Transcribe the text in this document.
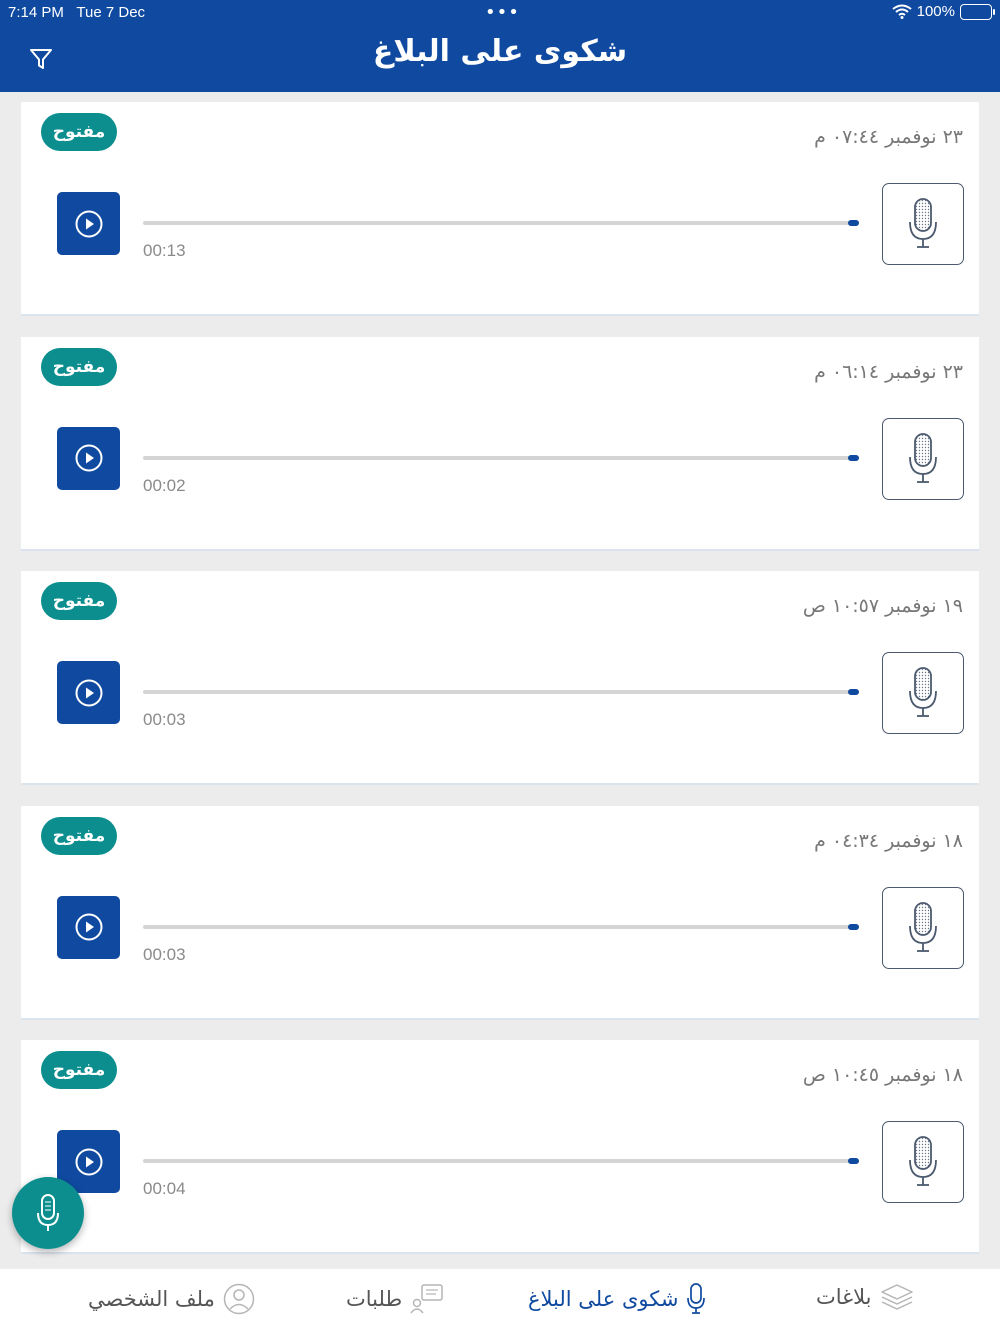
7:14 PM Tue 7 Dec	•••	100%
شكوى على البلاغ
مفتوح	٢٣ نوفمبر ٠٧:٤٤ م
00:13
مفتوح	٢٣ نوفمبر ٠٦:١٤ م
00:02
مفتوح	١٩ نوفمبر ١٠:٥٧ ص
00:03
مفتوح	١٨ نوفمبر ٠٤:٣٤ م
00:03
مفتوح	١٨ نوفمبر ١٠:٤٥ ص
00:04
ملف الشخصي	طلبات	شكوى على البلاغ	بلاغات
